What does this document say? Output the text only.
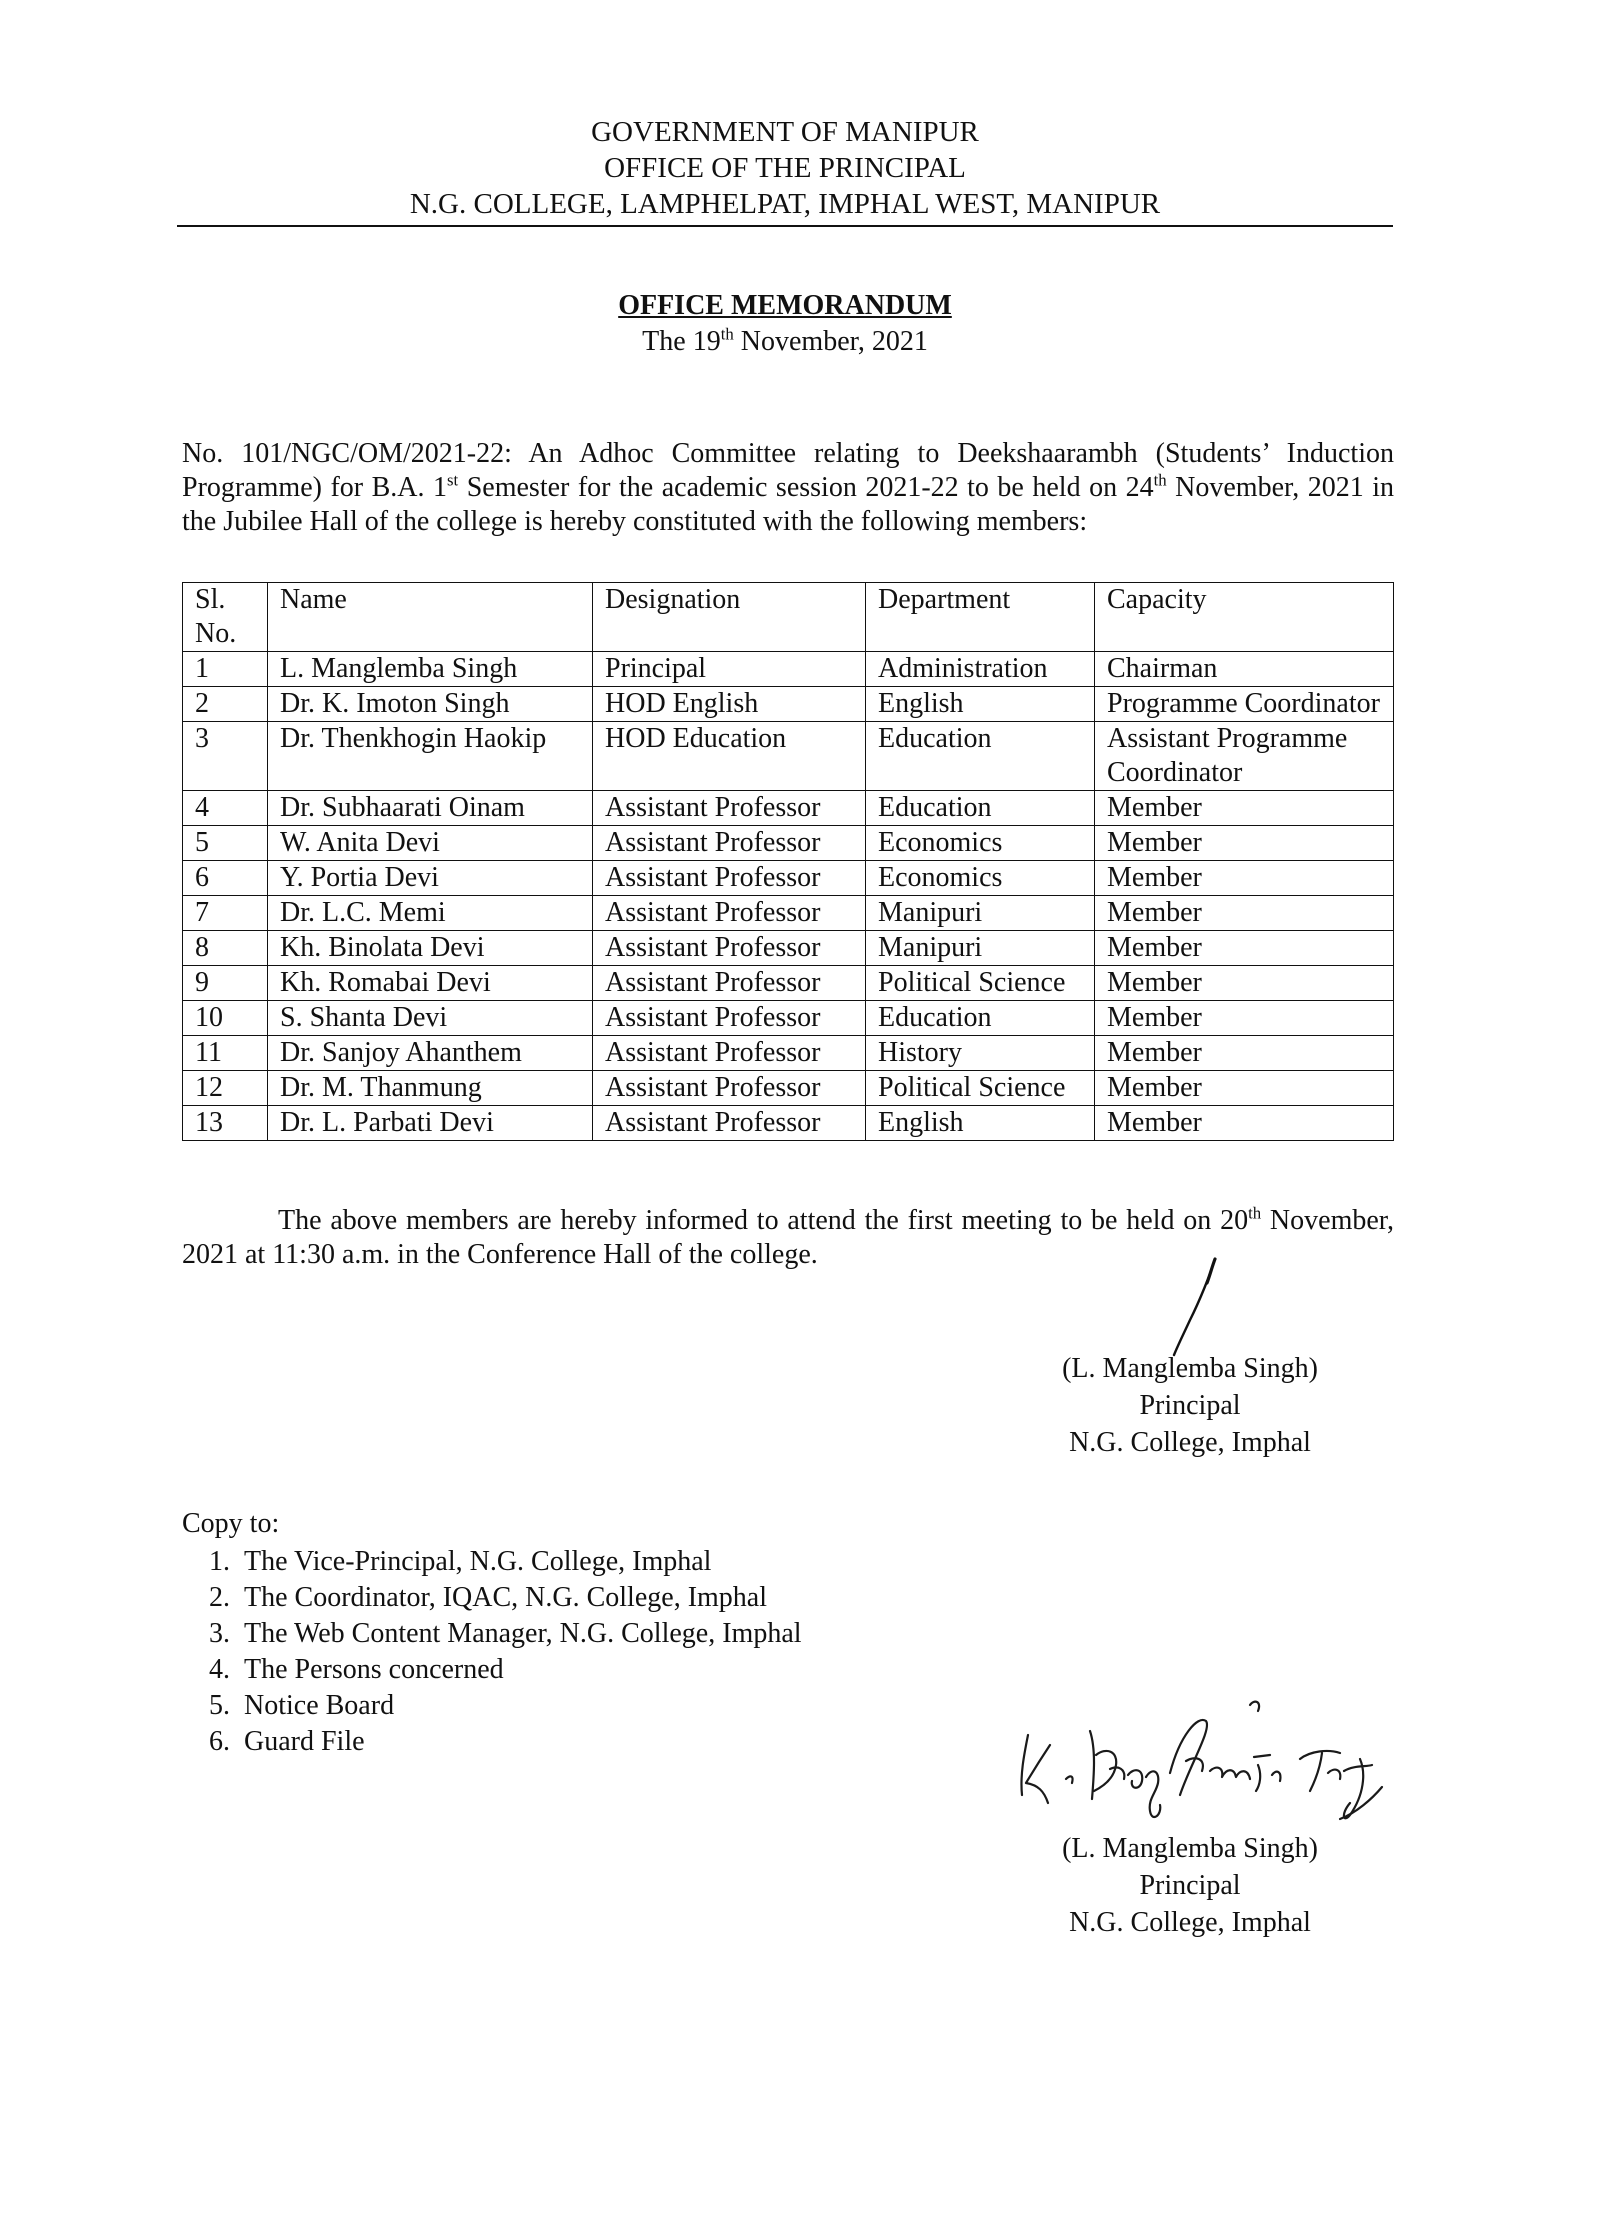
GOVERNMENT OF MANIPUR
OFFICE OF THE PRINCIPAL
N.G. COLLEGE, LAMPHELPAT, IMPHAL WEST, MANIPUR
OFFICE MEMORANDUM
The 19th November, 2021
No. 101/NGC/OM/2021-22: An Adhoc Committee relating to Deekshaarambh (Students’ Induction Programme) for B.A. 1st Semester for the academic session 2021-22 to be held on 24th November, 2021 in the Jubilee Hall of the college is hereby constituted with the following members:
Sl. No.	Name	Designation	Department	Capacity
1	L. Manglemba Singh	Principal	Administration	Chairman
2	Dr. K. Imoton Singh	HOD English	English	Programme Coordinator
3	Dr. Thenkhogin Haokip	HOD Education	Education	Assistant Programme Coordinator
4	Dr. Subhaarati Oinam	Assistant Professor	Education	Member
5	W. Anita Devi	Assistant Professor	Economics	Member
6	Y. Portia Devi	Assistant Professor	Economics	Member
7	Dr. L.C. Memi	Assistant Professor	Manipuri	Member
8	Kh. Binolata Devi	Assistant Professor	Manipuri	Member
9	Kh. Romabai Devi	Assistant Professor	Political Science	Member
10	S. Shanta Devi	Assistant Professor	Education	Member
11	Dr. Sanjoy Ahanthem	Assistant Professor	History	Member
12	Dr. M. Thanmung	Assistant Professor	Political Science	Member
13	Dr. L. Parbati Devi	Assistant Professor	English	Member
The above members are hereby informed to attend the first meeting to be held on 20th November, 2021 at 11:30 a.m. in the Conference Hall of the college.
(L. Manglemba Singh)
Principal
N.G. College, Imphal
Copy to:
1. The Vice-Principal, N.G. College, Imphal
2. The Coordinator, IQAC, N.G. College, Imphal
3. The Web Content Manager, N.G. College, Imphal
4. The Persons concerned
5. Notice Board
6. Guard File
(L. Manglemba Singh)
Principal
N.G. College, Imphal
